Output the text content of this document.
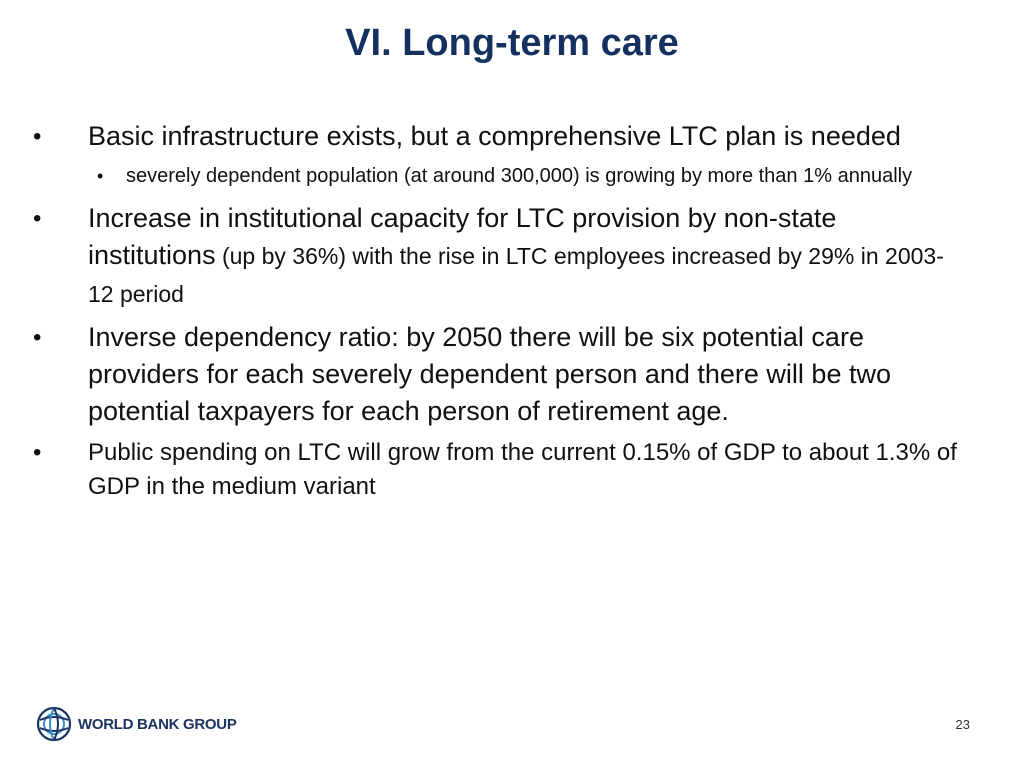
VI. Long-term care
• Basic infrastructure exists, but a comprehensive LTC plan is needed
• severely dependent population (at around 300,000) is growing by more than 1% annually
• Increase in institutional capacity for LTC provision by non-state institutions (up by 36%) with the rise in LTC employees increased by 29% in 2003-12 period
• Inverse dependency ratio: by 2050 there will be six potential care providers for each severely dependent person and there will be two potential taxpayers for each person of retirement age.
• Public spending on LTC will grow from the current 0.15% of GDP to about 1.3% of GDP in the medium variant
WORLD BANK GROUP	23
